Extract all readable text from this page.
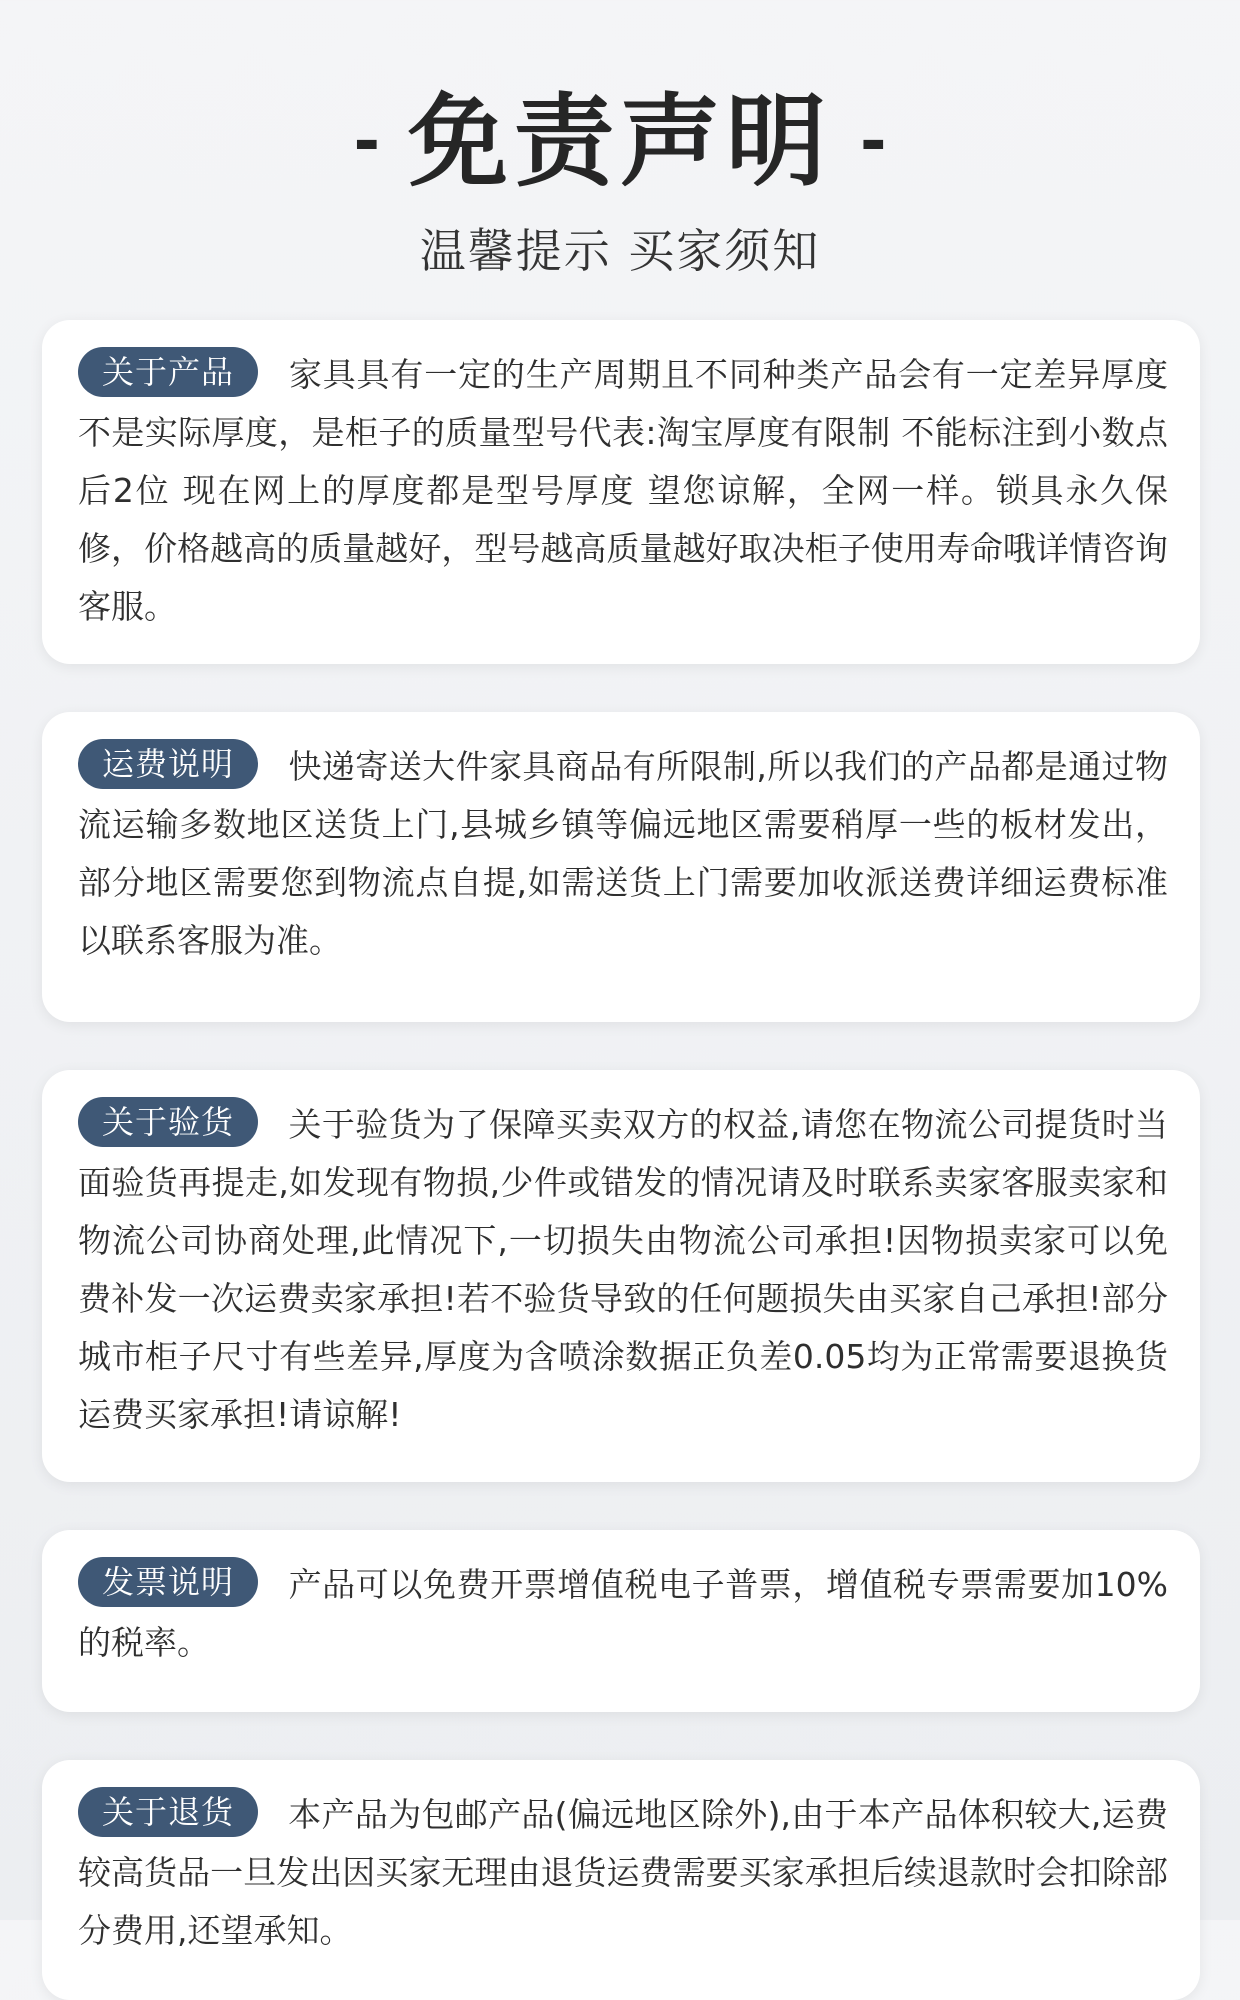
- 免责声明 -
温馨提示 买家须知

关于产品 家具具有一定的生产周期且不同种类产品会有一定差异厚度不是实际厚度，是柜子的质量型号代表:淘宝厚度有限制 不能标注到小数点后2位 现在网上的厚度都是型号厚度 望您谅解，全网一样。锁具永久保修，价格越高的质量越好，型号越高质量越好取决柜子使用寿命哦详情咨询客服。

运费说明 快递寄送大件家具商品有所限制,所以我们的产品都是通过物流运输多数地区送货上门,县城乡镇等偏远地区需要稍厚一些的板材发出，部分地区需要您到物流点自提,如需送货上门需要加收派送费详细运费标准以联系客服为准。

关于验货 关于验货为了保障买卖双方的权益,请您在物流公司提货时当面验货再提走,如发现有物损,少件或错发的情况请及时联系卖家客服卖家和物流公司协商处理,此情况下,一切损失由物流公司承担!因物损卖家可以免费补发一次运费卖家承担!若不验货导致的任何题损失由买家自己承担!部分城市柜子尺寸有些差异,厚度为含喷涂数据正负差0.05均为正常需要退换货运费买家承担!请谅解!

发票说明 产品可以免费开票增值税电子普票，增值税专票需要加10%的税率。

关于退货 本产品为包邮产品(偏远地区除外),由于本产品体积较大,运费较高货品一旦发出因买家无理由退货运费需要买家承担后续退款时会扣除部分费用,还望承知。
